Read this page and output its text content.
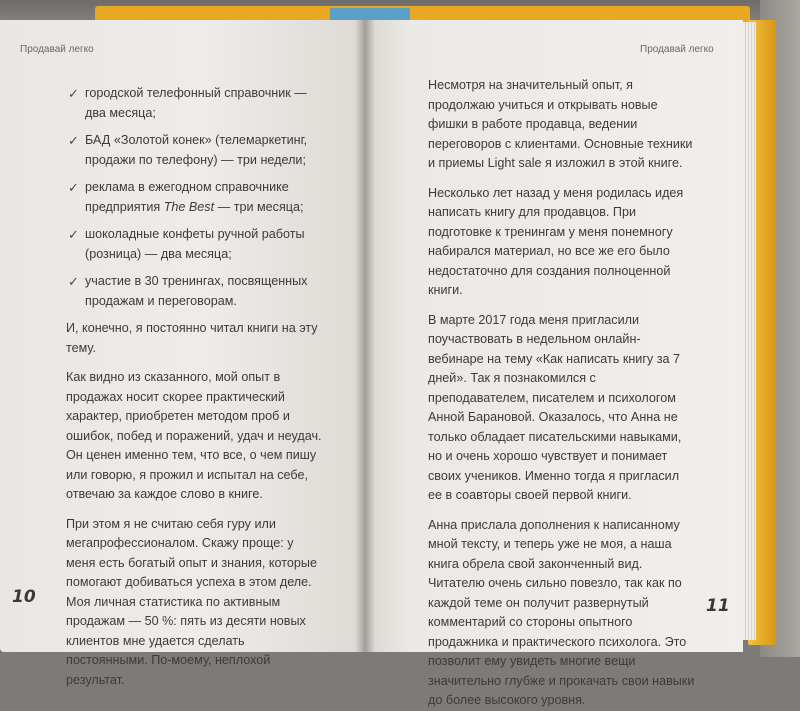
Продавай легко	Продавай легко

✓ городской телефонный справочник — два месяца;
✓ БАД «Золотой конек» (телемаркетинг, продажи по телефону) — три недели;
✓ реклама в ежегодном справочнике предприятия The Best — три месяца;
✓ шоколадные конфеты ручной работы (розница) — два месяца;
✓ участие в 30 тренингах, посвященных продажам и переговорам.

И, конечно, я постоянно читал книги на эту тему.

Как видно из сказанного, мой опыт в продажах носит скорее практический характер, приобретен методом проб и ошибок, побед и поражений, удач и неудач. Он ценен именно тем, что все, о чем пишу или говорю, я прожил и испытал на себе, отвечаю за каждое слово в книге.

При этом я не считаю себя гуру или мегапрофессионалом. Скажу проще: у меня есть богатый опыт и знания, которые помогают добиваться успеха в этом деле. Моя личная статистика по активным продажам — 50 %: пять из десяти новых клиентов мне удается сделать постоянными. По-моему, неплохой результат.

Несмотря на значительный опыт, я продолжаю учиться и открывать новые фишки в работе продавца, ведении переговоров с клиентами. Основные техники и приемы Light sale я изложил в этой книге.

Несколько лет назад у меня родилась идея написать книгу для продавцов. При подготовке к тренингам у меня понемногу набирался материал, но все же его было недостаточно для создания полноценной книги.

В марте 2017 года меня пригласили поучаствовать в недельном онлайн-вебинаре на тему «Как написать книгу за 7 дней». Так я познакомился с преподавателем, писателем и психологом Анной Барановой. Оказалось, что Анна не только обладает писательскими навыками, но и очень хорошо чувствует и понимает своих учеников. Именно тогда я пригласил ее в соавторы своей первой книги.

Анна прислала дополнения к написанному мной тексту, и теперь уже не моя, а наша книга обрела свой законченный вид. Читателю очень сильно повезло, так как по каждой теме он получит развернутый комментарий со стороны опытного продажника и практического психолога. Это позволит ему увидеть многие вещи значительно глубже и прокачать свои навыки до более высокого уровня.

10	11
